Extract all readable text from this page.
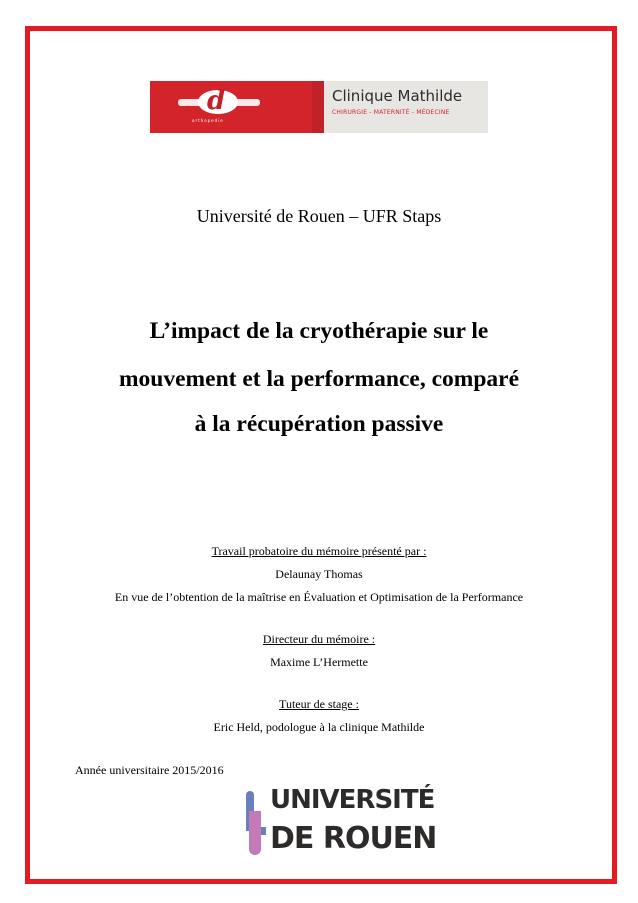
d
orthopedie
Clinique Mathilde
CHIRURGIE - MATERNITÉ - MÉDECINE
Université de Rouen – UFR Staps
L’impact de la cryothérapie sur le
mouvement et la performance, comparé
à la récupération passive
Travail probatoire du mémoire présenté par :
Delaunay Thomas
En vue de l’obtention de la maîtrise en Évaluation et Optimisation de la Performance
Directeur du mémoire :
Maxime L’Hermette
Tuteur de stage :
Eric Held, podologue à la clinique Mathilde
Année universitaire 2015/2016
UNIVERSITÉ
DE ROUEN
